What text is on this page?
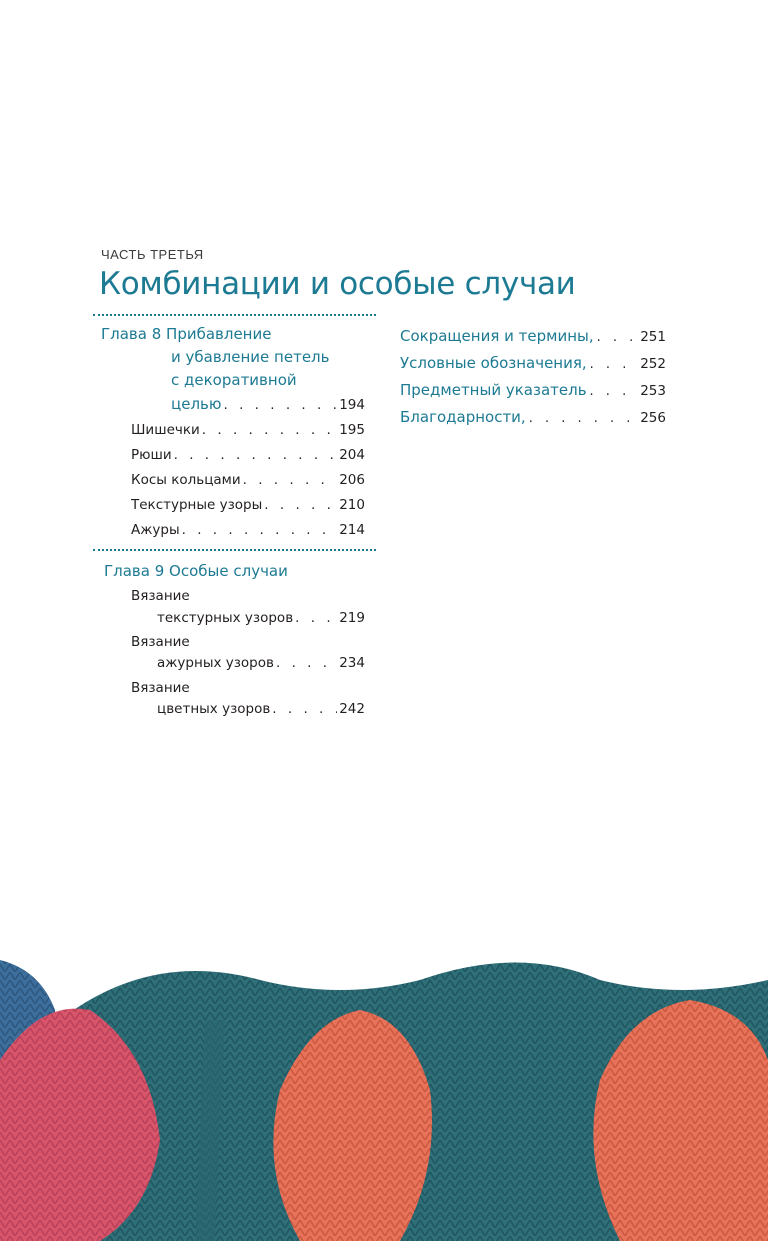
ЧАСТЬ ТРЕТЬЯ
Комбинации и особые случаи
Глава 8 Прибавление
и убавление петель
с декоративной
целью . . .	194
Шишечки . . .	195
Рюши . . .	204
Косы кольцами . . .	206
Текстурные узоры . . .	210
Ажуры . . .	214
Глава 9 Особые случаи
Вязание
текстурных узоров . . .	219
Вязание
ажурных узоров . . .	234
Вязание
цветных узоров . . .	242
Сокращения и термины, . . .	251
Условные обозначения, . . .	252
Предметный указатель . . .	253
Благодарности, . . .	256
